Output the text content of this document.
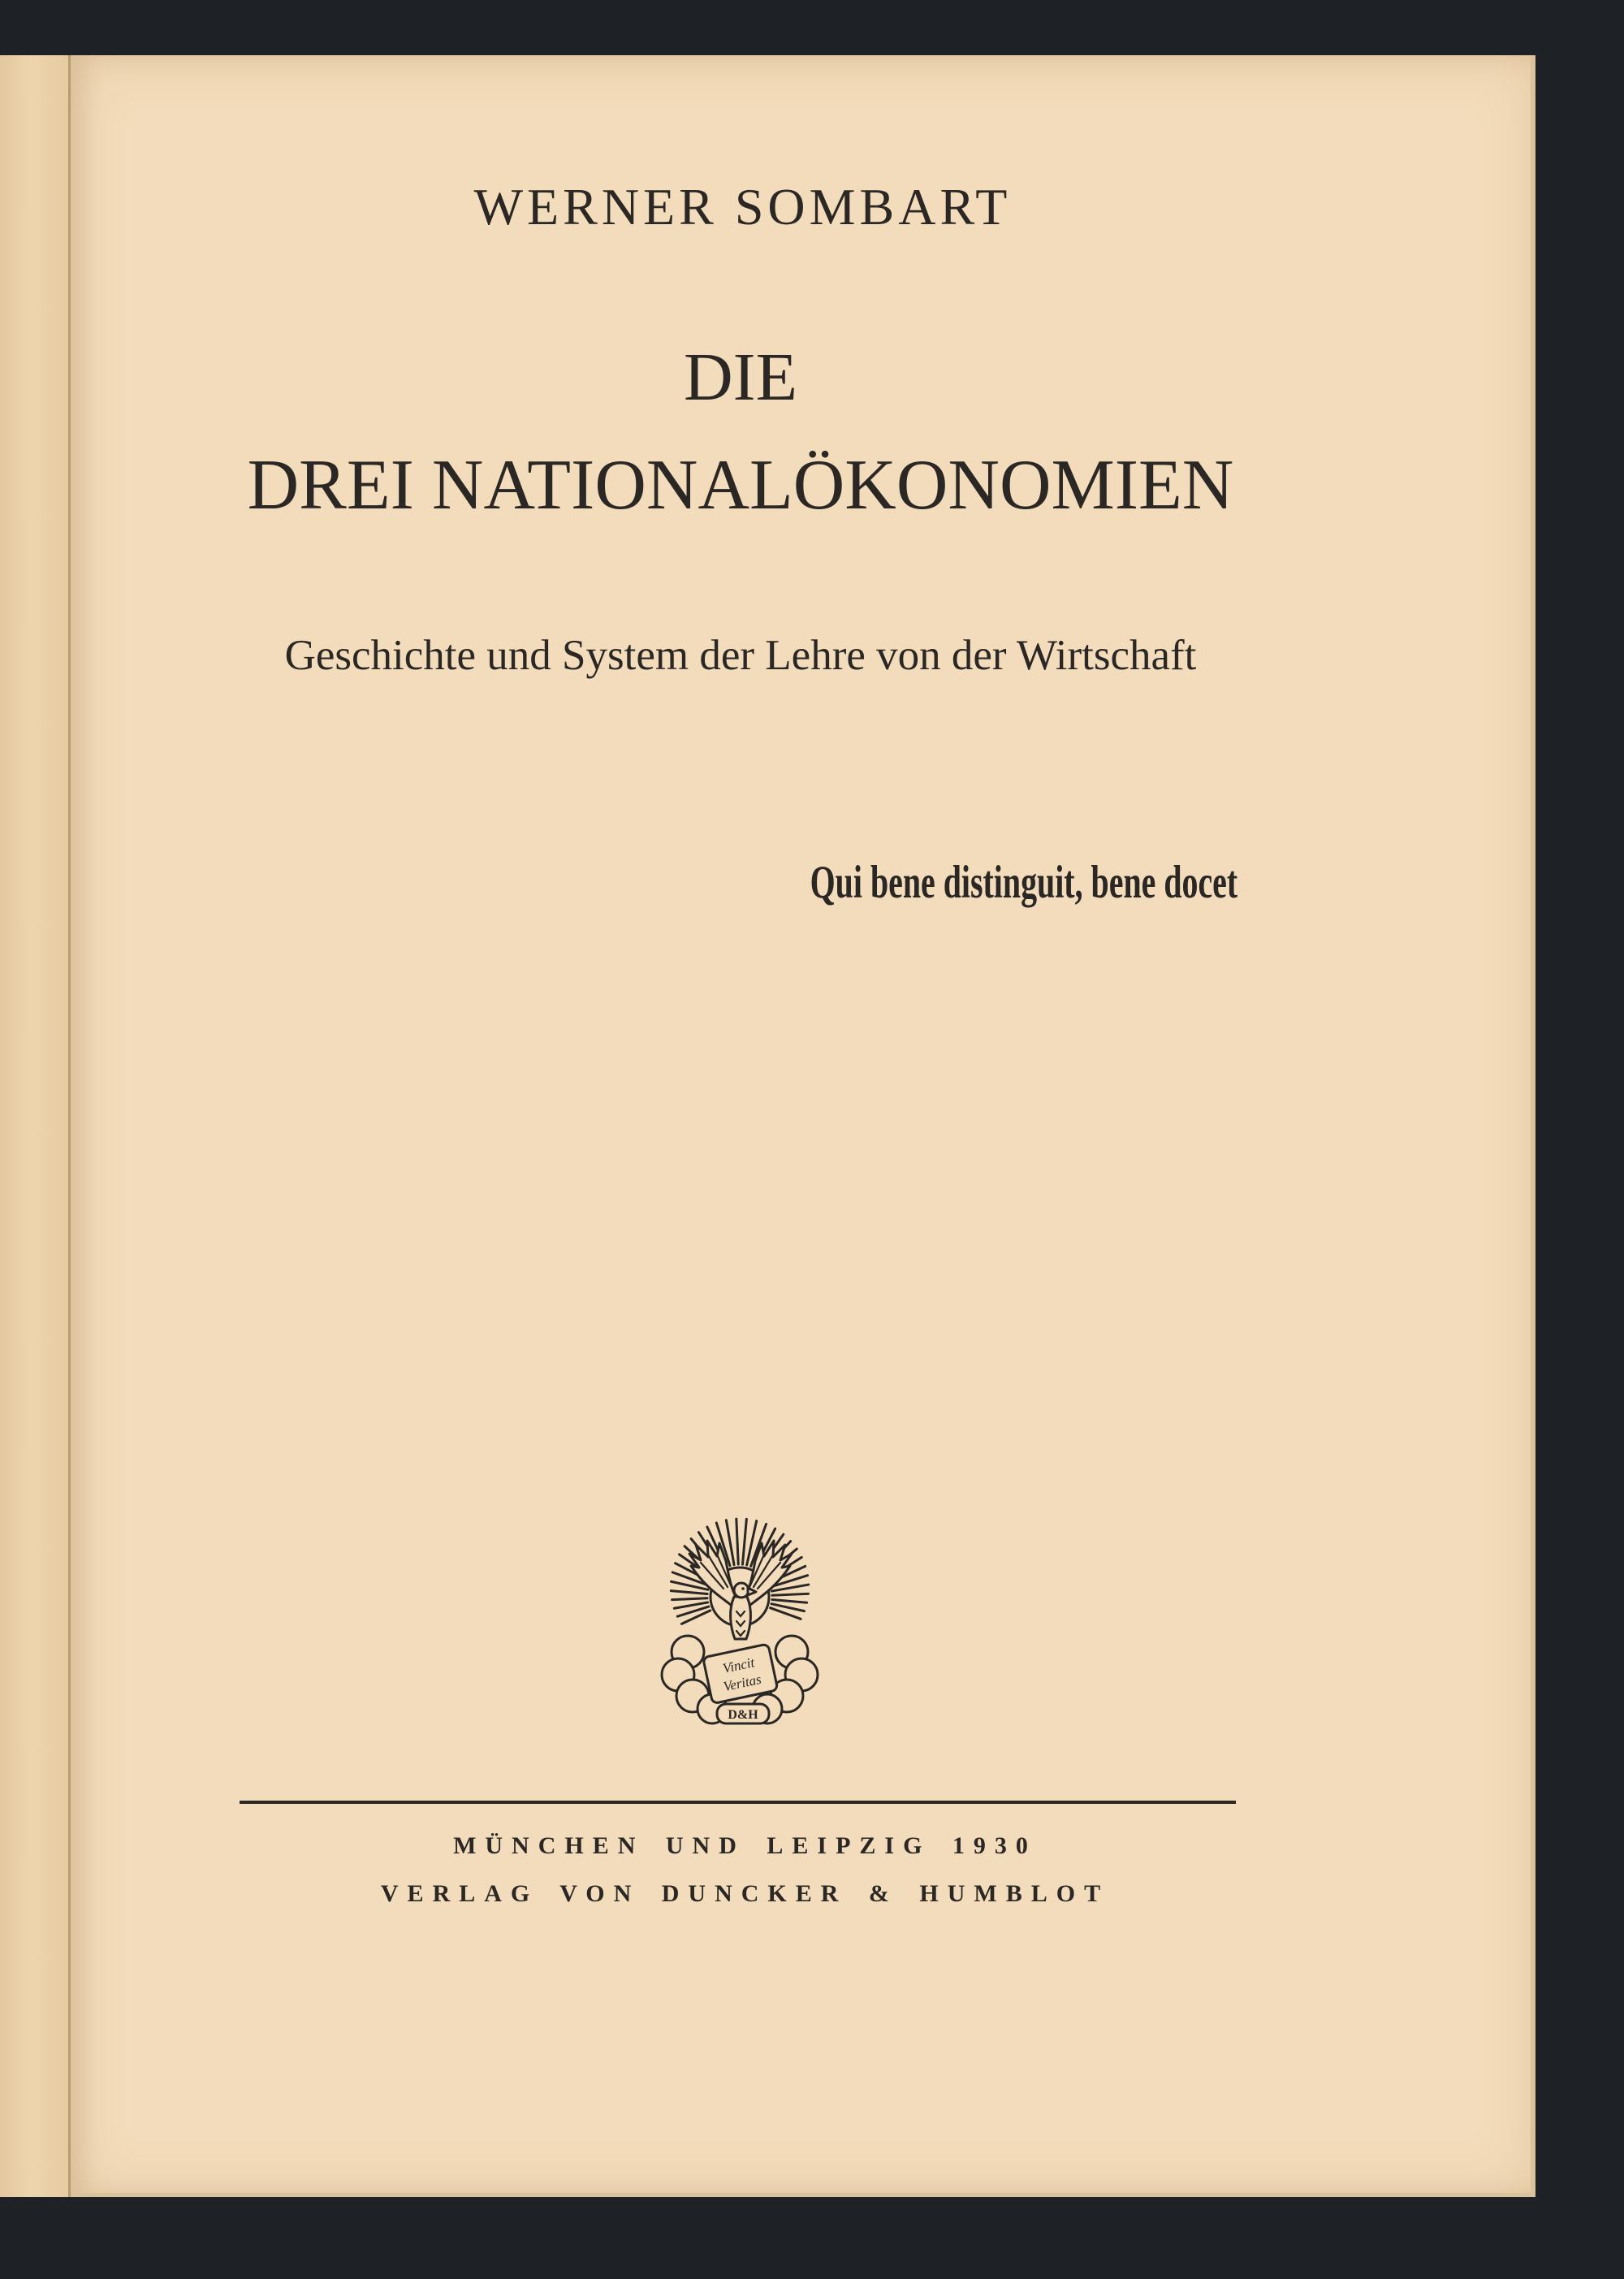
WERNER SOMBART
DIE
DREI NATIONALÖKONOMIEN
Geschichte und System der Lehre von der Wirtschaft
Qui bene distinguit, bene docet
Vincit
Veritas
D&H
MÜNCHEN UND LEIPZIG 1930
VERLAG VON DUNCKER & HUMBLOT
